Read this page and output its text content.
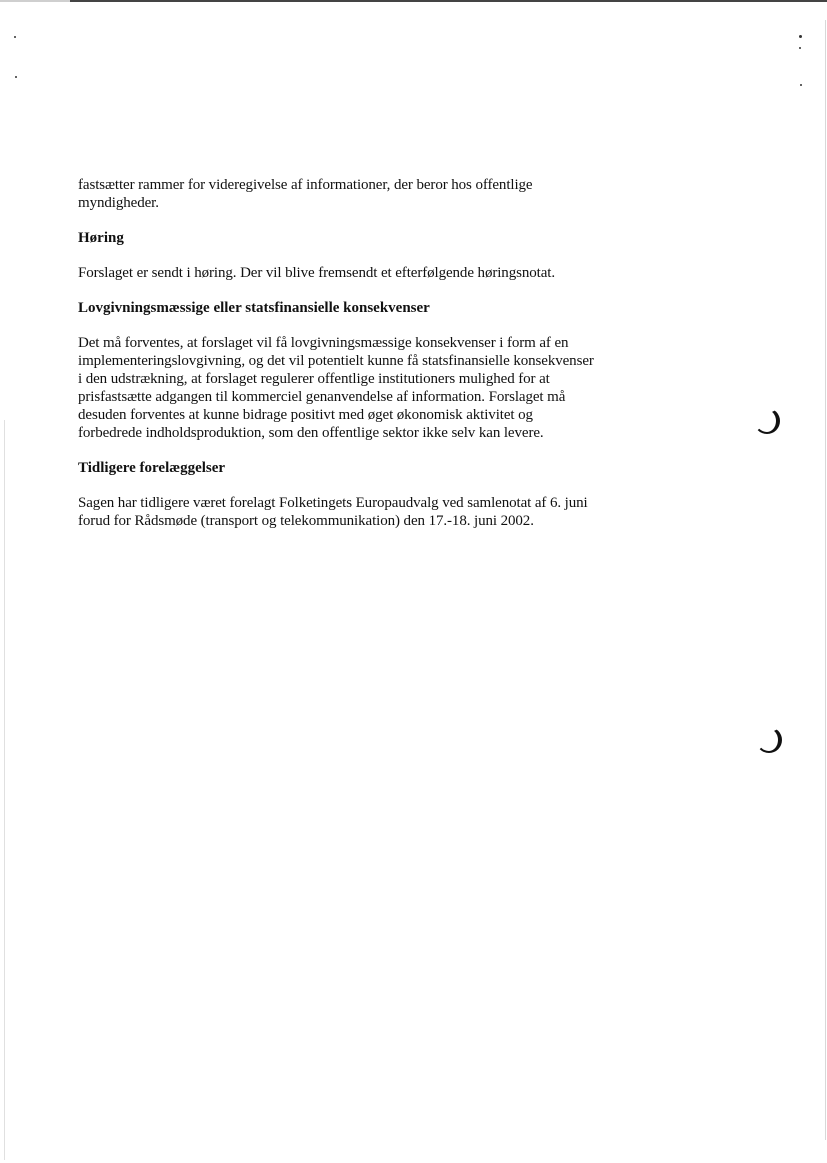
fastsætter rammer for videregivelse af informationer, der beror hos offentlige myndigheder.

Høring

Forslaget er sendt i høring. Der vil blive fremsendt et efterfølgende høringsnotat.

Lovgivningsmæssige eller statsfinansielle konsekvenser

Det må forventes, at forslaget vil få lovgivningsmæssige konsekvenser i form af en implementeringslovgivning, og det vil potentielt kunne få statsfinansielle konsekvenser i den udstrækning, at forslaget regulerer offentlige institutioners mulighed for at prisfastsætte adgangen til kommerciel genanvendelse af information. Forslaget må desuden forventes at kunne bidrage positivt med øget økonomisk aktivitet og forbedrede indholdsproduktion, som den offentlige sektor ikke selv kan levere.

Tidligere forelæggelser

Sagen har tidligere været forelagt Folketingets Europaudvalg ved samlenotat af 6. juni forud for Rådsmøde (transport og telekommunikation) den 17.-18. juni 2002.
